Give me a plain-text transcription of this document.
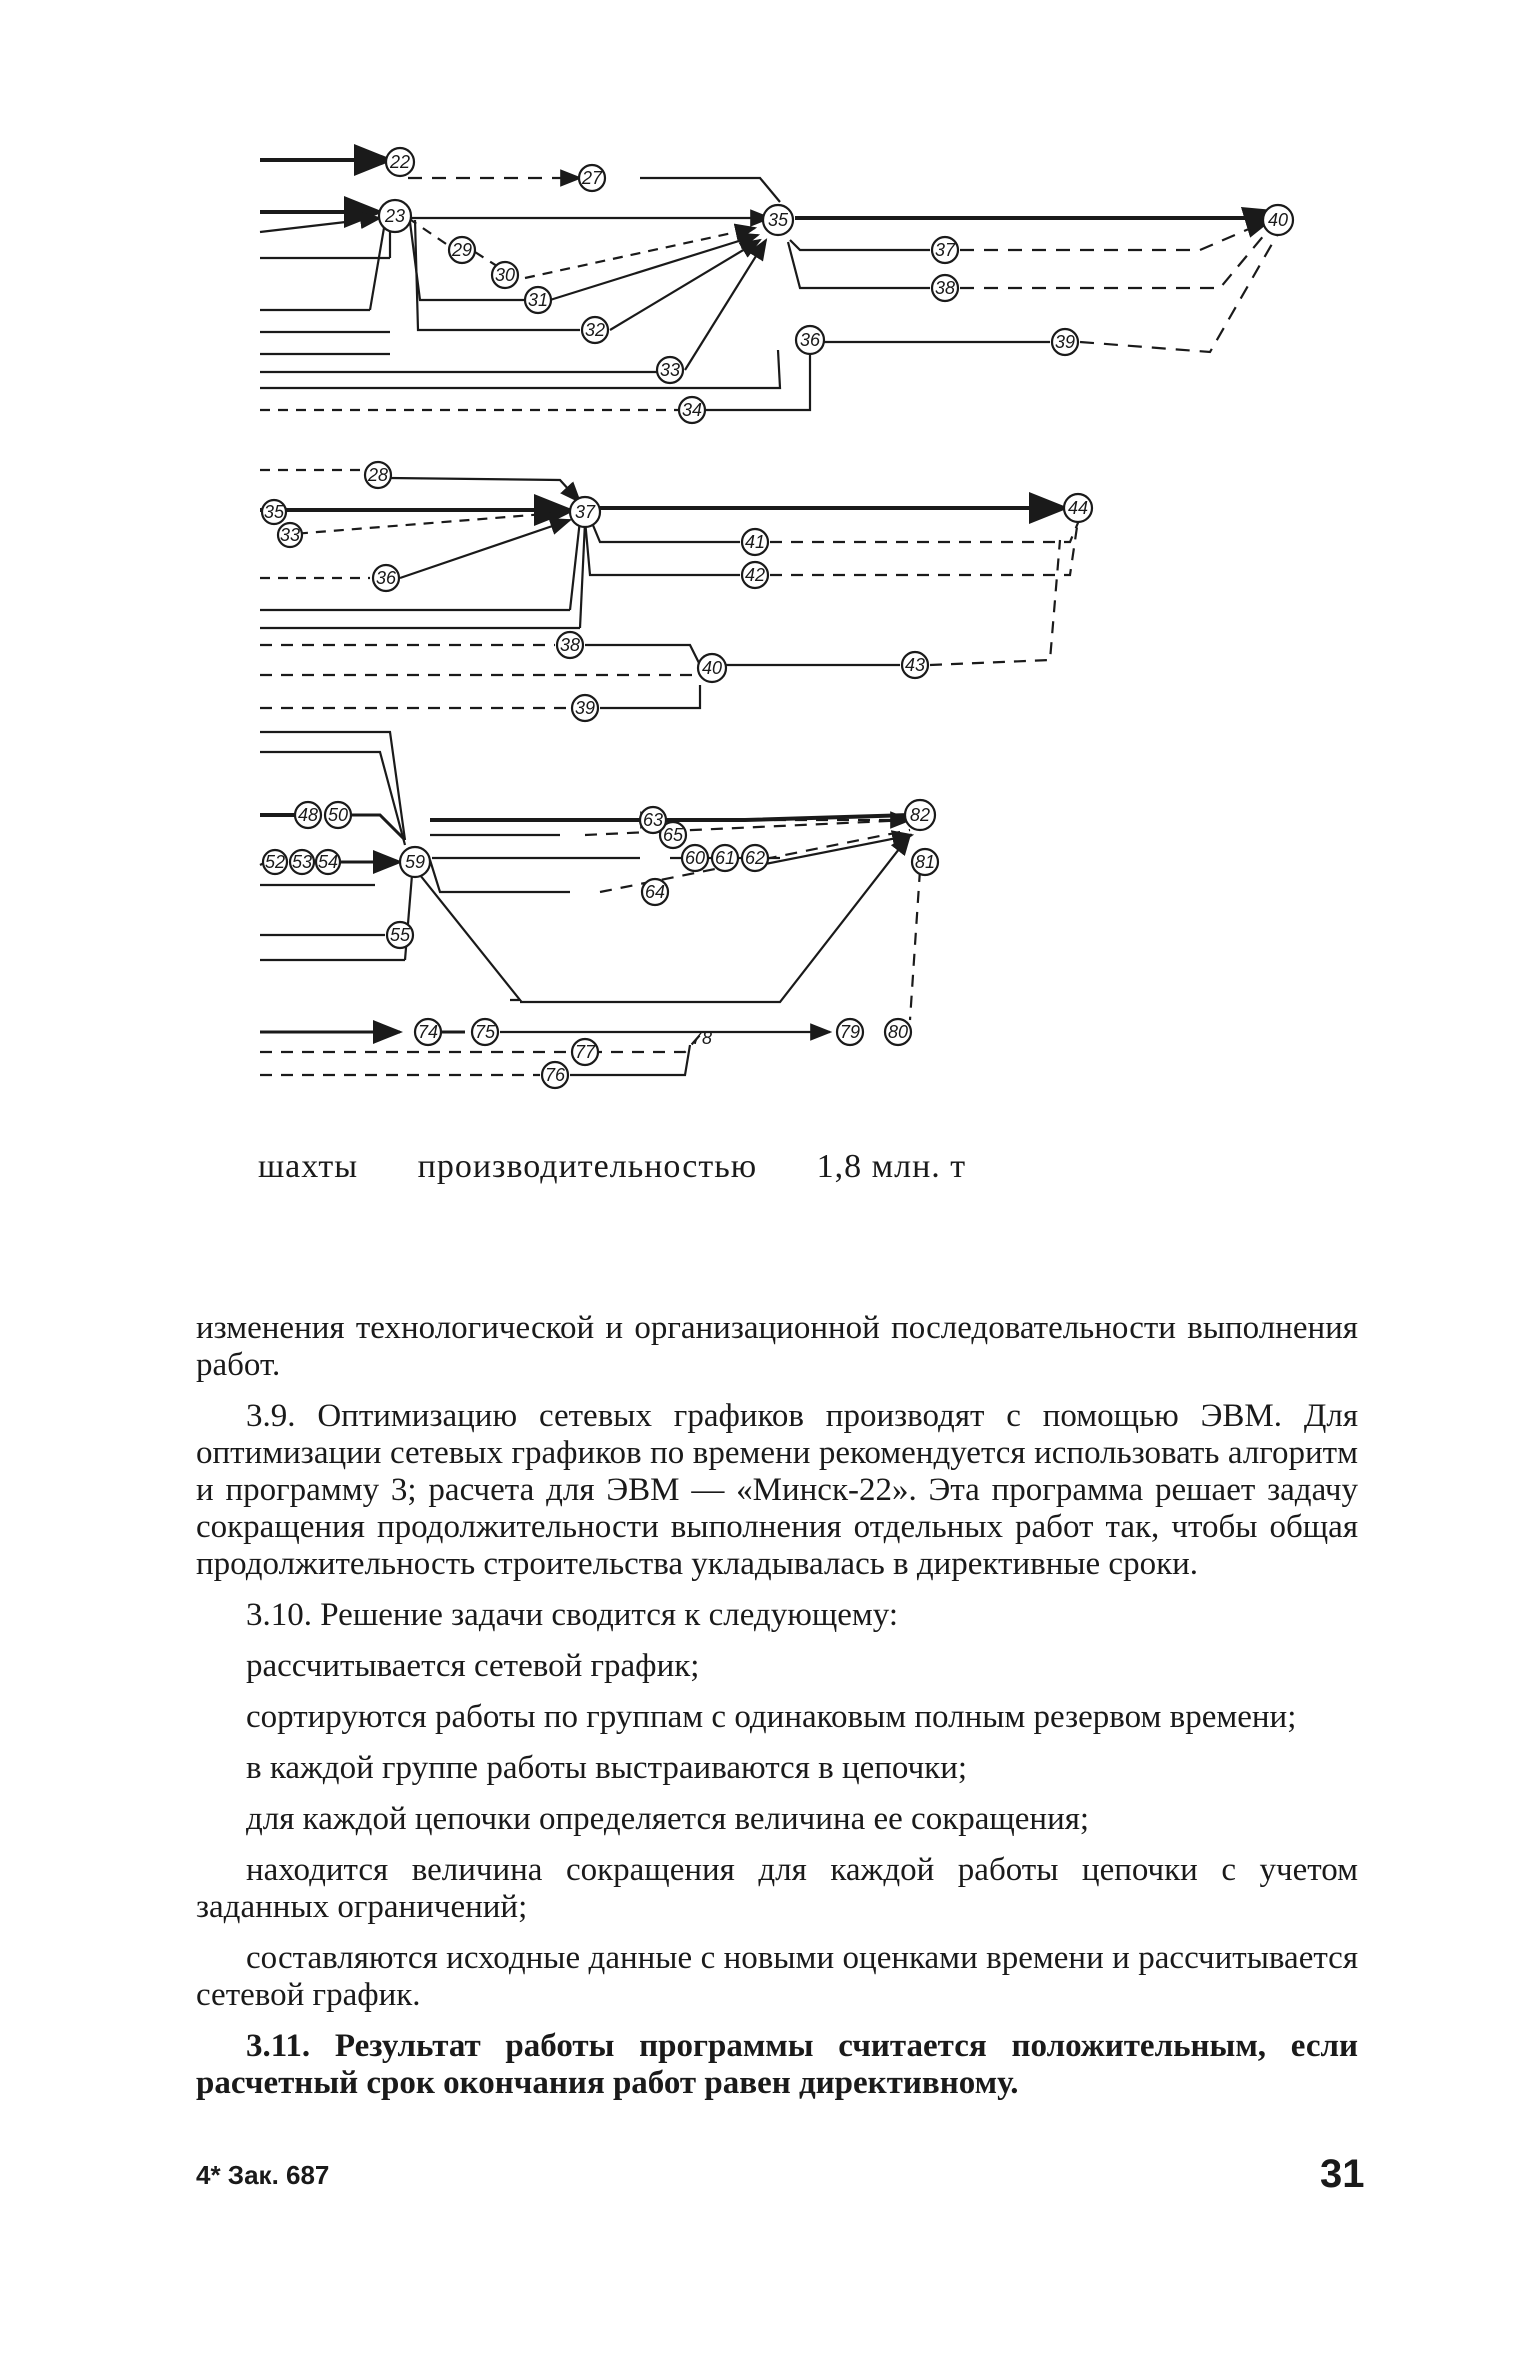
22
23
27
29
30
31
32
33
34
35
36
37
38
39
40
28
35
33
36
37
41
42
38
40	43
39
44
48 50
52 53 54
55
59
63
64
65
60 61 62
82
81
74 75
77
76
78	79 80
шахты производительностью 1,8 млн. т

изменения технологической и организационной последовательности выполнения работ.

3.9. Оптимизацию сетевых графиков производят с помощью ЭВМ. Для оптимизации сетевых графиков по времени рекомендуется использовать алгоритм и программу 3; расчета для ЭВМ — «Минск-22». Эта программа решает задачу сокращения продолжительности выполнения отдельных работ так, чтобы общая продолжительность строительства укладывалась в директивные сроки.

3.10. Решение задачи сводится к следующему:

рассчитывается сетевой график;

сортируются работы по группам с одинаковым полным резервом времени;

в каждой группе работы выстраиваются в цепочки;

для каждой цепочки определяется величина ее сокращения;

находится величина сокращения для каждой работы цепочки с учетом заданных ограничений;

составляются исходные данные с новыми оценками времени и рассчитывается сетевой график.

3.11. Результат работы программы считается положительным, если расчетный срок окончания работ равен директивному.

4* Зак. 687	31
